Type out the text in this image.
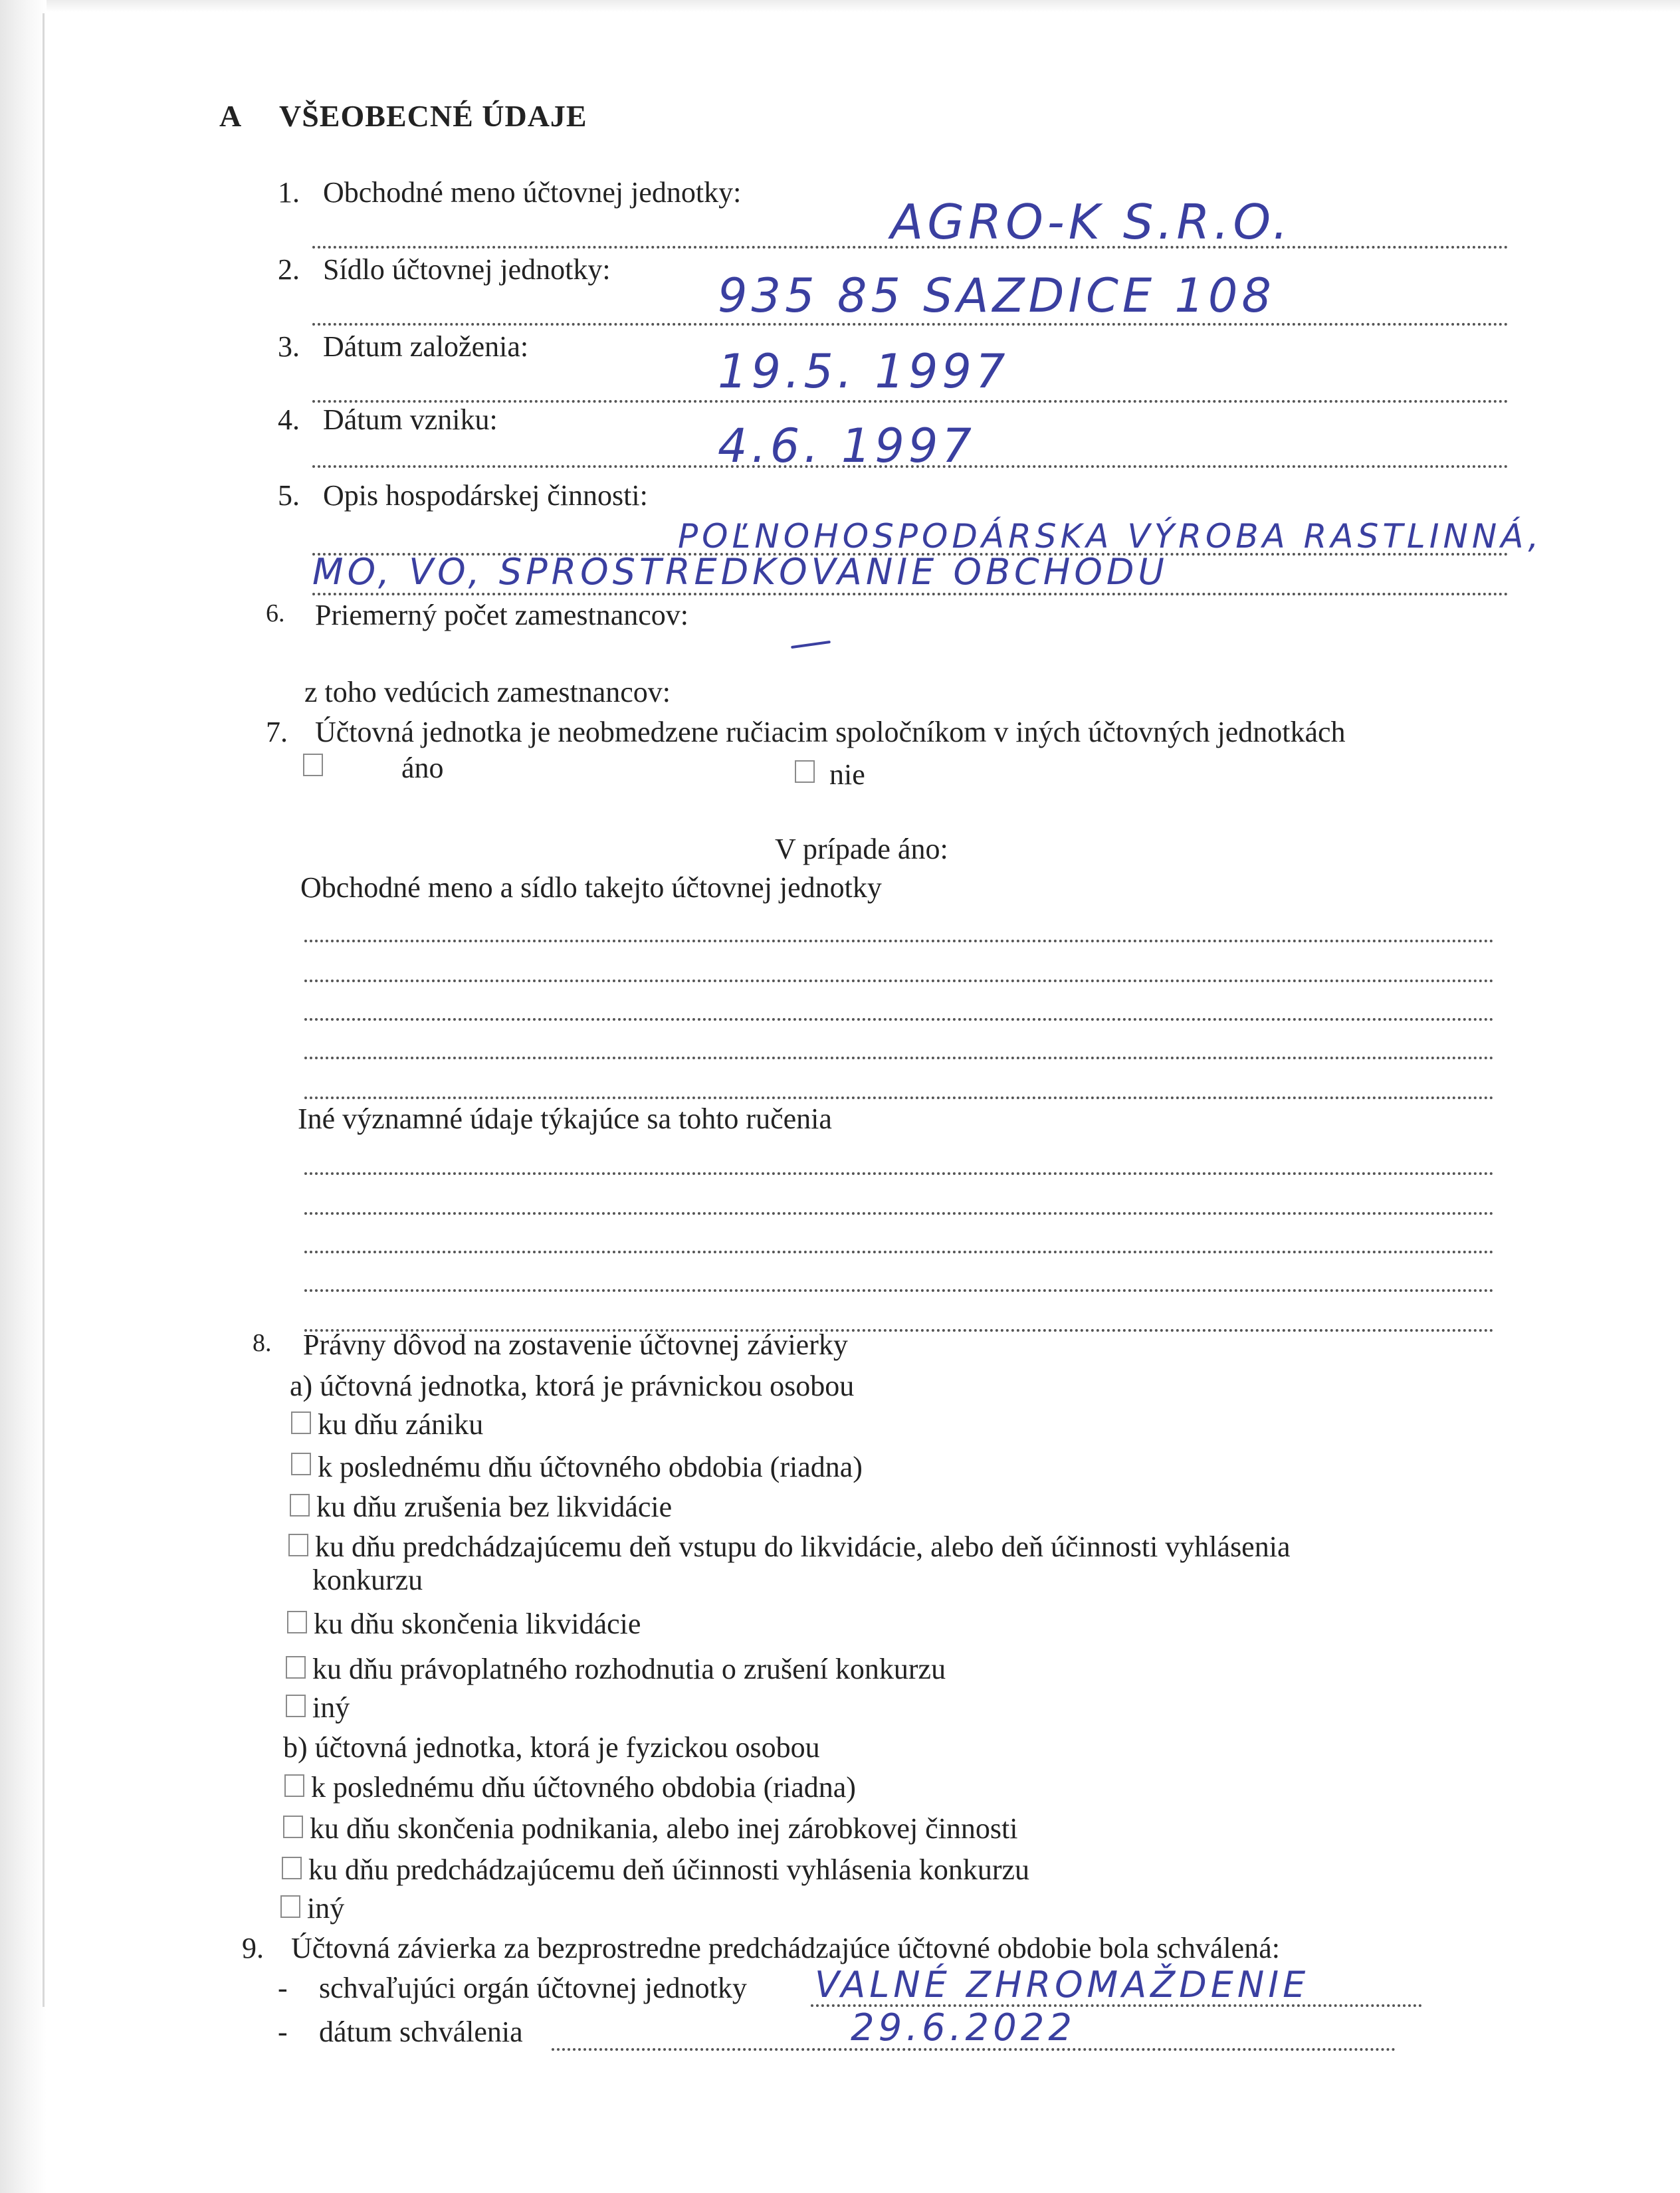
A VŠEOBECNÉ ÚDAJE
1. Obchodné meno účtovnej jednotky:
AGRO-K S.R.O.
2. Sídlo účtovnej jednotky: 935 85 SAZDICE 108
3. Dátum založenia:	19.5. 1997
4. Dátum vzniku:	4.6. 1997
5. Opis hospodárskej činnosti:
POĽNOHOSPODÁRSKA VÝROBA RASTLINNÁ,
MO, VO, SPROSTREDKOVANIE OBCHODU
6. Priemerný počet zamestnancov:
z toho vedúcich zamestnancov:
7. Účtovná jednotka je neobmedzene ručiacim spoločníkom v iných účtovných jednotkách
áno	nie
V prípade áno:
Obchodné meno a sídlo takejto účtovnej jednotky
Iné významné údaje týkajúce sa tohto ručenia
8. Právny dôvod na zostavenie účtovnej závierky
a) účtovná jednotka, ktorá je právnickou osobou
ku dňu zániku
k poslednému dňu účtovného obdobia (riadna)
ku dňu zrušenia bez likvidácie
ku dňu predchádzajúcemu deň vstupu do likvidácie, alebo deň účinnosti vyhlásenia
konkurzu
ku dňu skončenia likvidácie
ku dňu právoplatného rozhodnutia o zrušení konkurzu
iný
b) účtovná jednotka, ktorá je fyzickou osobou
k poslednému dňu účtovného obdobia (riadna)
ku dňu skončenia podnikania, alebo inej zárobkovej činnosti
ku dňu predchádzajúcemu deň účinnosti vyhlásenia konkurzu
iný
9. Účtovná závierka za bezprostredne predchádzajúce účtovné obdobie bola schválená:
- schvaľujúci orgán účtovnej jednotky VALNÉ ZHROMAŽDENIE
- dátum schválenia	29.6.2022
